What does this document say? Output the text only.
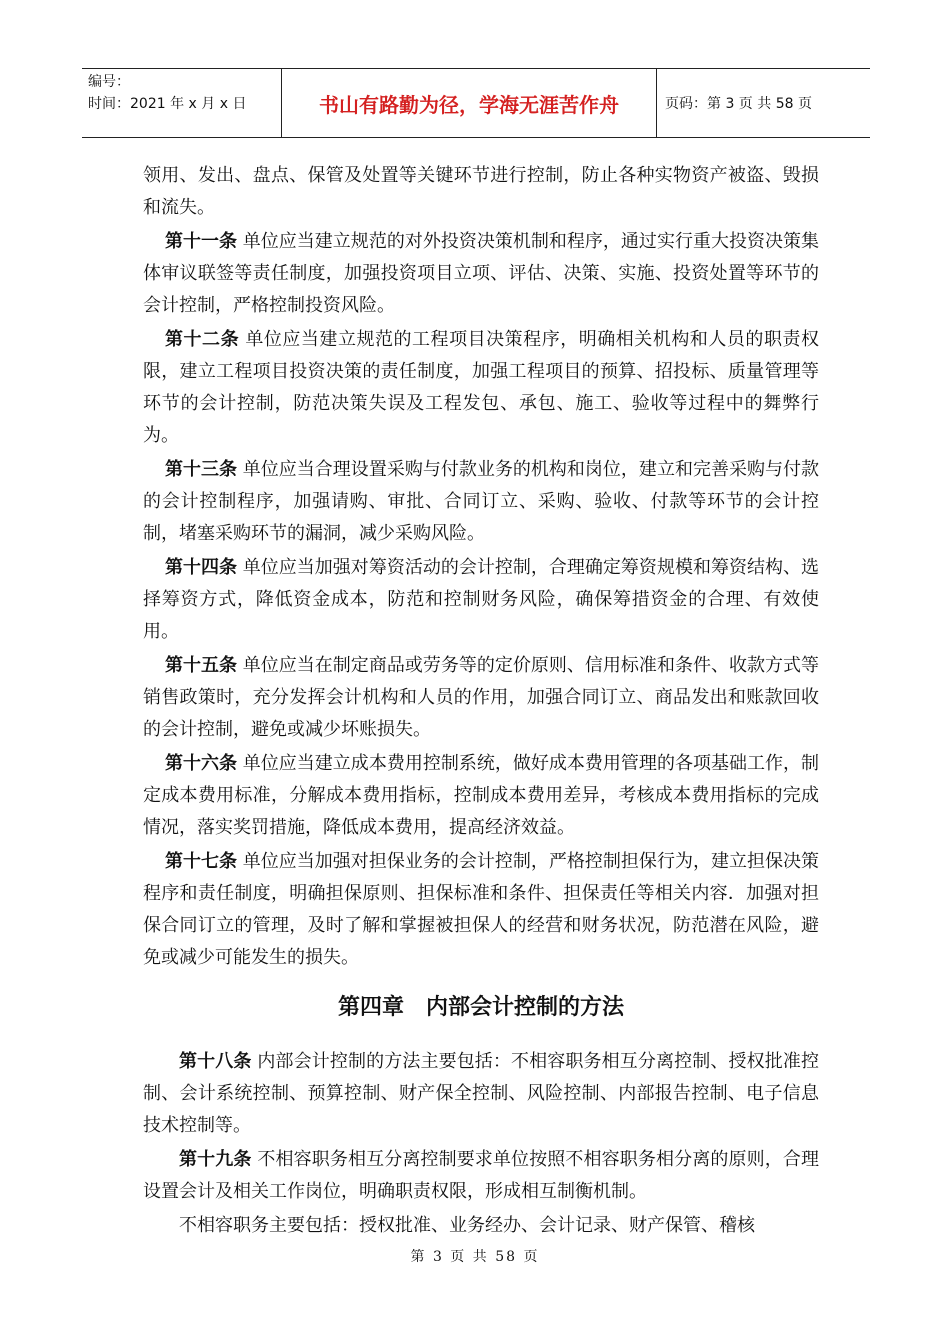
编号：
时间：2021 年 x 月 x 日	书山有路勤为径，学海无涯苦作舟	页码：第 3 页 共 58 页

领用、发出、盘点、保管及处置等关键环节进行控制，防止各种实物资产被盗、毁损和流失。

第十一条 单位应当建立规范的对外投资决策机制和程序，通过实行重大投资决策集体审议联签等责任制度，加强投资项目立项、评估、决策、实施、投资处置等环节的会计控制，严格控制投资风险。

第十二条 单位应当建立规范的工程项目决策程序，明确相关机构和人员的职责权限，建立工程项目投资决策的责任制度，加强工程项目的预算、招投标、质量管理等环节的会计控制，防范决策失误及工程发包、承包、施工、验收等过程中的舞弊行为。

第十三条 单位应当合理设置采购与付款业务的机构和岗位，建立和完善采购与付款的会计控制程序，加强请购、审批、合同订立、采购、验收、付款等环节的会计控制，堵塞采购环节的漏洞，减少采购风险。

第十四条 单位应当加强对筹资活动的会计控制，合理确定筹资规模和筹资结构、选择筹资方式，降低资金成本，防范和控制财务风险，确保筹措资金的合理、有效使用。

第十五条 单位应当在制定商品或劳务等的定价原则、信用标准和条件、收款方式等销售政策时，充分发挥会计机构和人员的作用，加强合同订立、商品发出和账款回收的会计控制，避免或减少坏账损失。

第十六条 单位应当建立成本费用控制系统，做好成本费用管理的各项基础工作，制定成本费用标准，分解成本费用指标，控制成本费用差异，考核成本费用指标的完成情况，落实奖罚措施，降低成本费用，提高经济效益。

第十七条 单位应当加强对担保业务的会计控制，严格控制担保行为，建立担保决策程序和责任制度，明确担保原则、担保标准和条件、担保责任等相关内容．加强对担保合同订立的管理，及时了解和掌握被担保人的经营和财务状况，防范潜在风险，避免或减少可能发生的损失。

第四章　内部会计控制的方法

第十八条 内部会计控制的方法主要包括：不相容职务相互分离控制、授权批准控制、会计系统控制、预算控制、财产保全控制、风险控制、内部报告控制、电子信息技术控制等。

第十九条 不相容职务相互分离控制要求单位按照不相容职务相分离的原则，合理设置会计及相关工作岗位，明确职责权限，形成相互制衡机制。

不相容职务主要包括：授权批准、业务经办、会计记录、财产保管、稽核

第 3 页 共 58 页
